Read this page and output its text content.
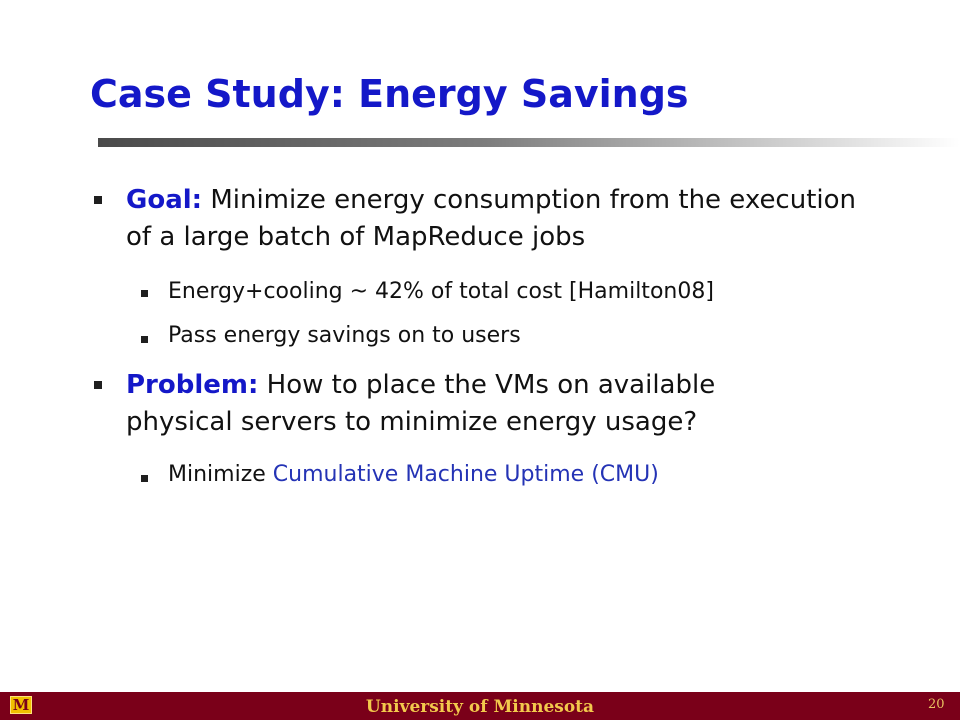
Case Study: Energy Savings

Goal: Minimize energy consumption from the execution of a large batch of MapReduce jobs

Energy+cooling ~ 42% of total cost [Hamilton08]

Pass energy savings on to users

Problem: How to place the VMs on available physical servers to minimize energy usage?

Minimize Cumulative Machine Uptime (CMU)

M	University of Minnesota	20
